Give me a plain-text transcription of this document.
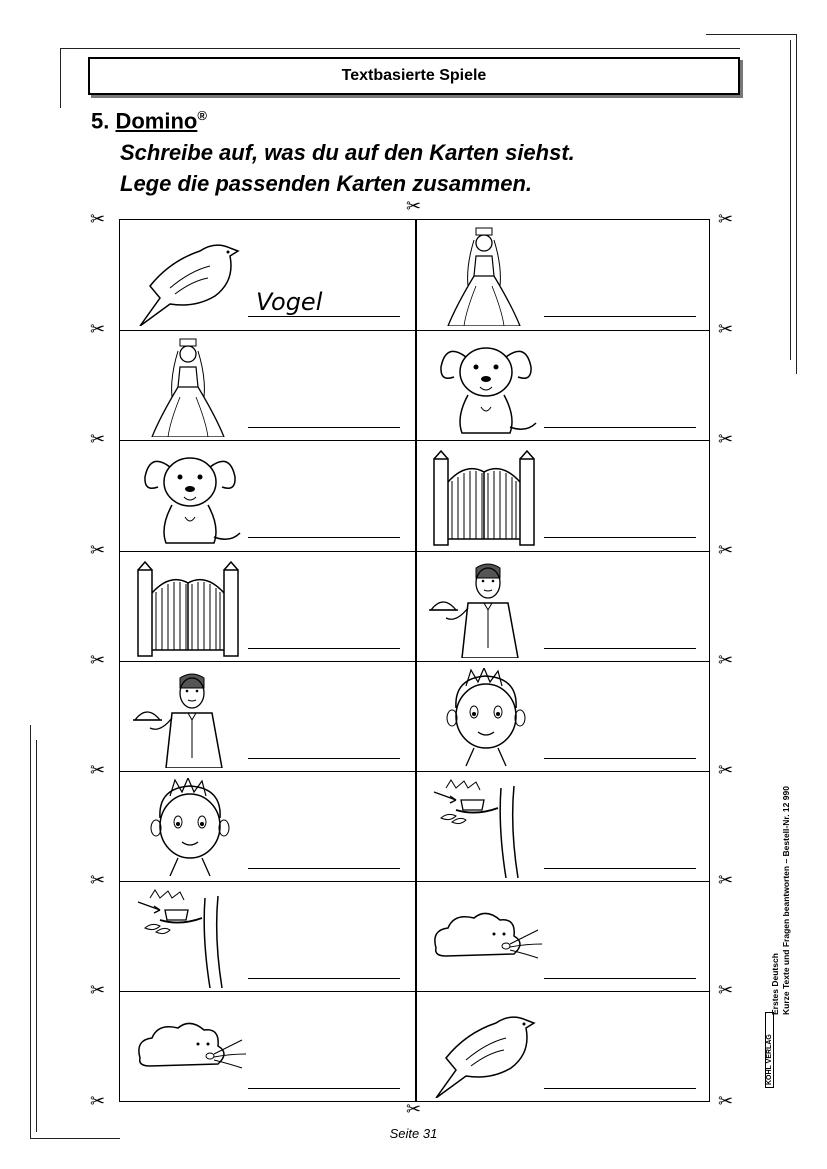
Textbasierte Spiele
5. Domino®
Schreibe auf, was du auf den Karten siehst.
Lege die passenden Karten zusammen.
Vogel
✂	✂
✂	✂
✂	✂
✂	✂
✂	✂
✂	✂
✂	✂
✂	✂
✂	✂
✂
✂
Erstes Deutsch Kurze Texte und Fragen beantworten – Bestell-Nr. 12 990
KOHL VERLAG
Seite 31
